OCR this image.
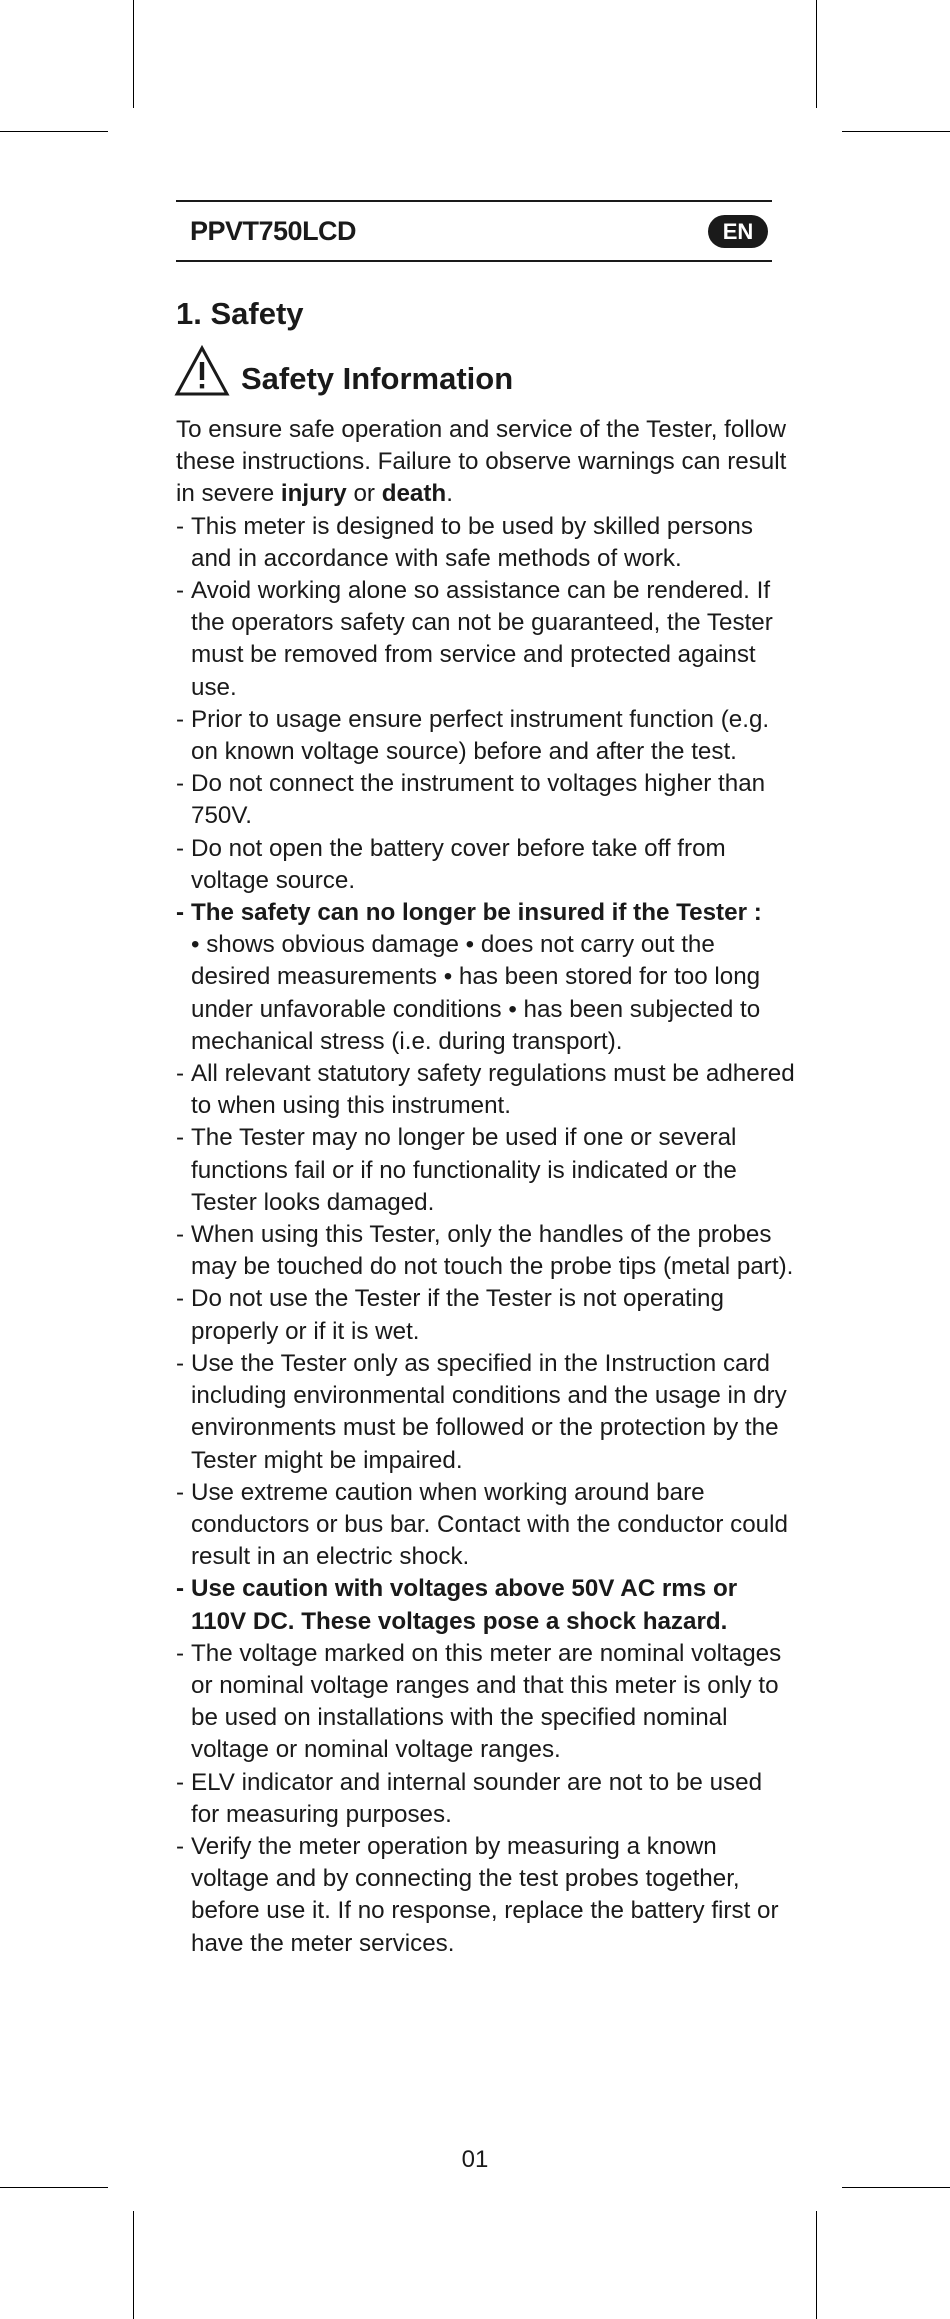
PPVT750LCD	EN
1. Safety
Safety Information

To ensure safe operation and service of the Tester, follow these instructions. Failure to observe warnings can result in severe injury or death.

- This meter is designed to be used by skilled persons and in accordance with safe methods of work.
- Avoid working alone so assistance can be rendered. If the operators safety can not be guaranteed, the Tester must be removed from service and protected against use.
- Prior to usage ensure perfect instrument function (e.g. on known voltage source) before and after the test.
- Do not connect the instrument to voltages higher than 750V.
- Do not open the battery cover before take off from voltage source.
- The safety can no longer be insured if the Tester :
• shows obvious damage • does not carry out the desired measurements • has been stored for too long under unfavorable conditions • has been subjected to mechanical stress (i.e. during transport).
- All relevant statutory safety regulations must be adhered to when using this instrument.
- The Tester may no longer be used if one or several functions fail or if no functionality is indicated or the Tester looks damaged.
- When using this Tester, only the handles of the probes may be touched do not touch the probe tips (metal part).
- Do not use the Tester if the Tester is not operating properly or if it is wet.
- Use the Tester only as specified in the Instruction card including environmental conditions and the usage in dry environments must be followed or the protection by the Tester might be impaired.
- Use extreme caution when working around bare conductors or bus bar. Contact with the conductor could result in an electric shock.
- Use caution with voltages above 50V AC rms or 110V DC. These voltages pose a shock hazard.
- The voltage marked on this meter are nominal voltages or nominal voltage ranges and that this meter is only to be used on installations with the specified nominal voltage or nominal voltage ranges.
- ELV indicator and internal sounder are not to be used for measuring purposes.
- Verify the meter operation by measuring a known voltage and by connecting the test probes together, before use it. If no response, replace the battery first or have the meter services.
01
